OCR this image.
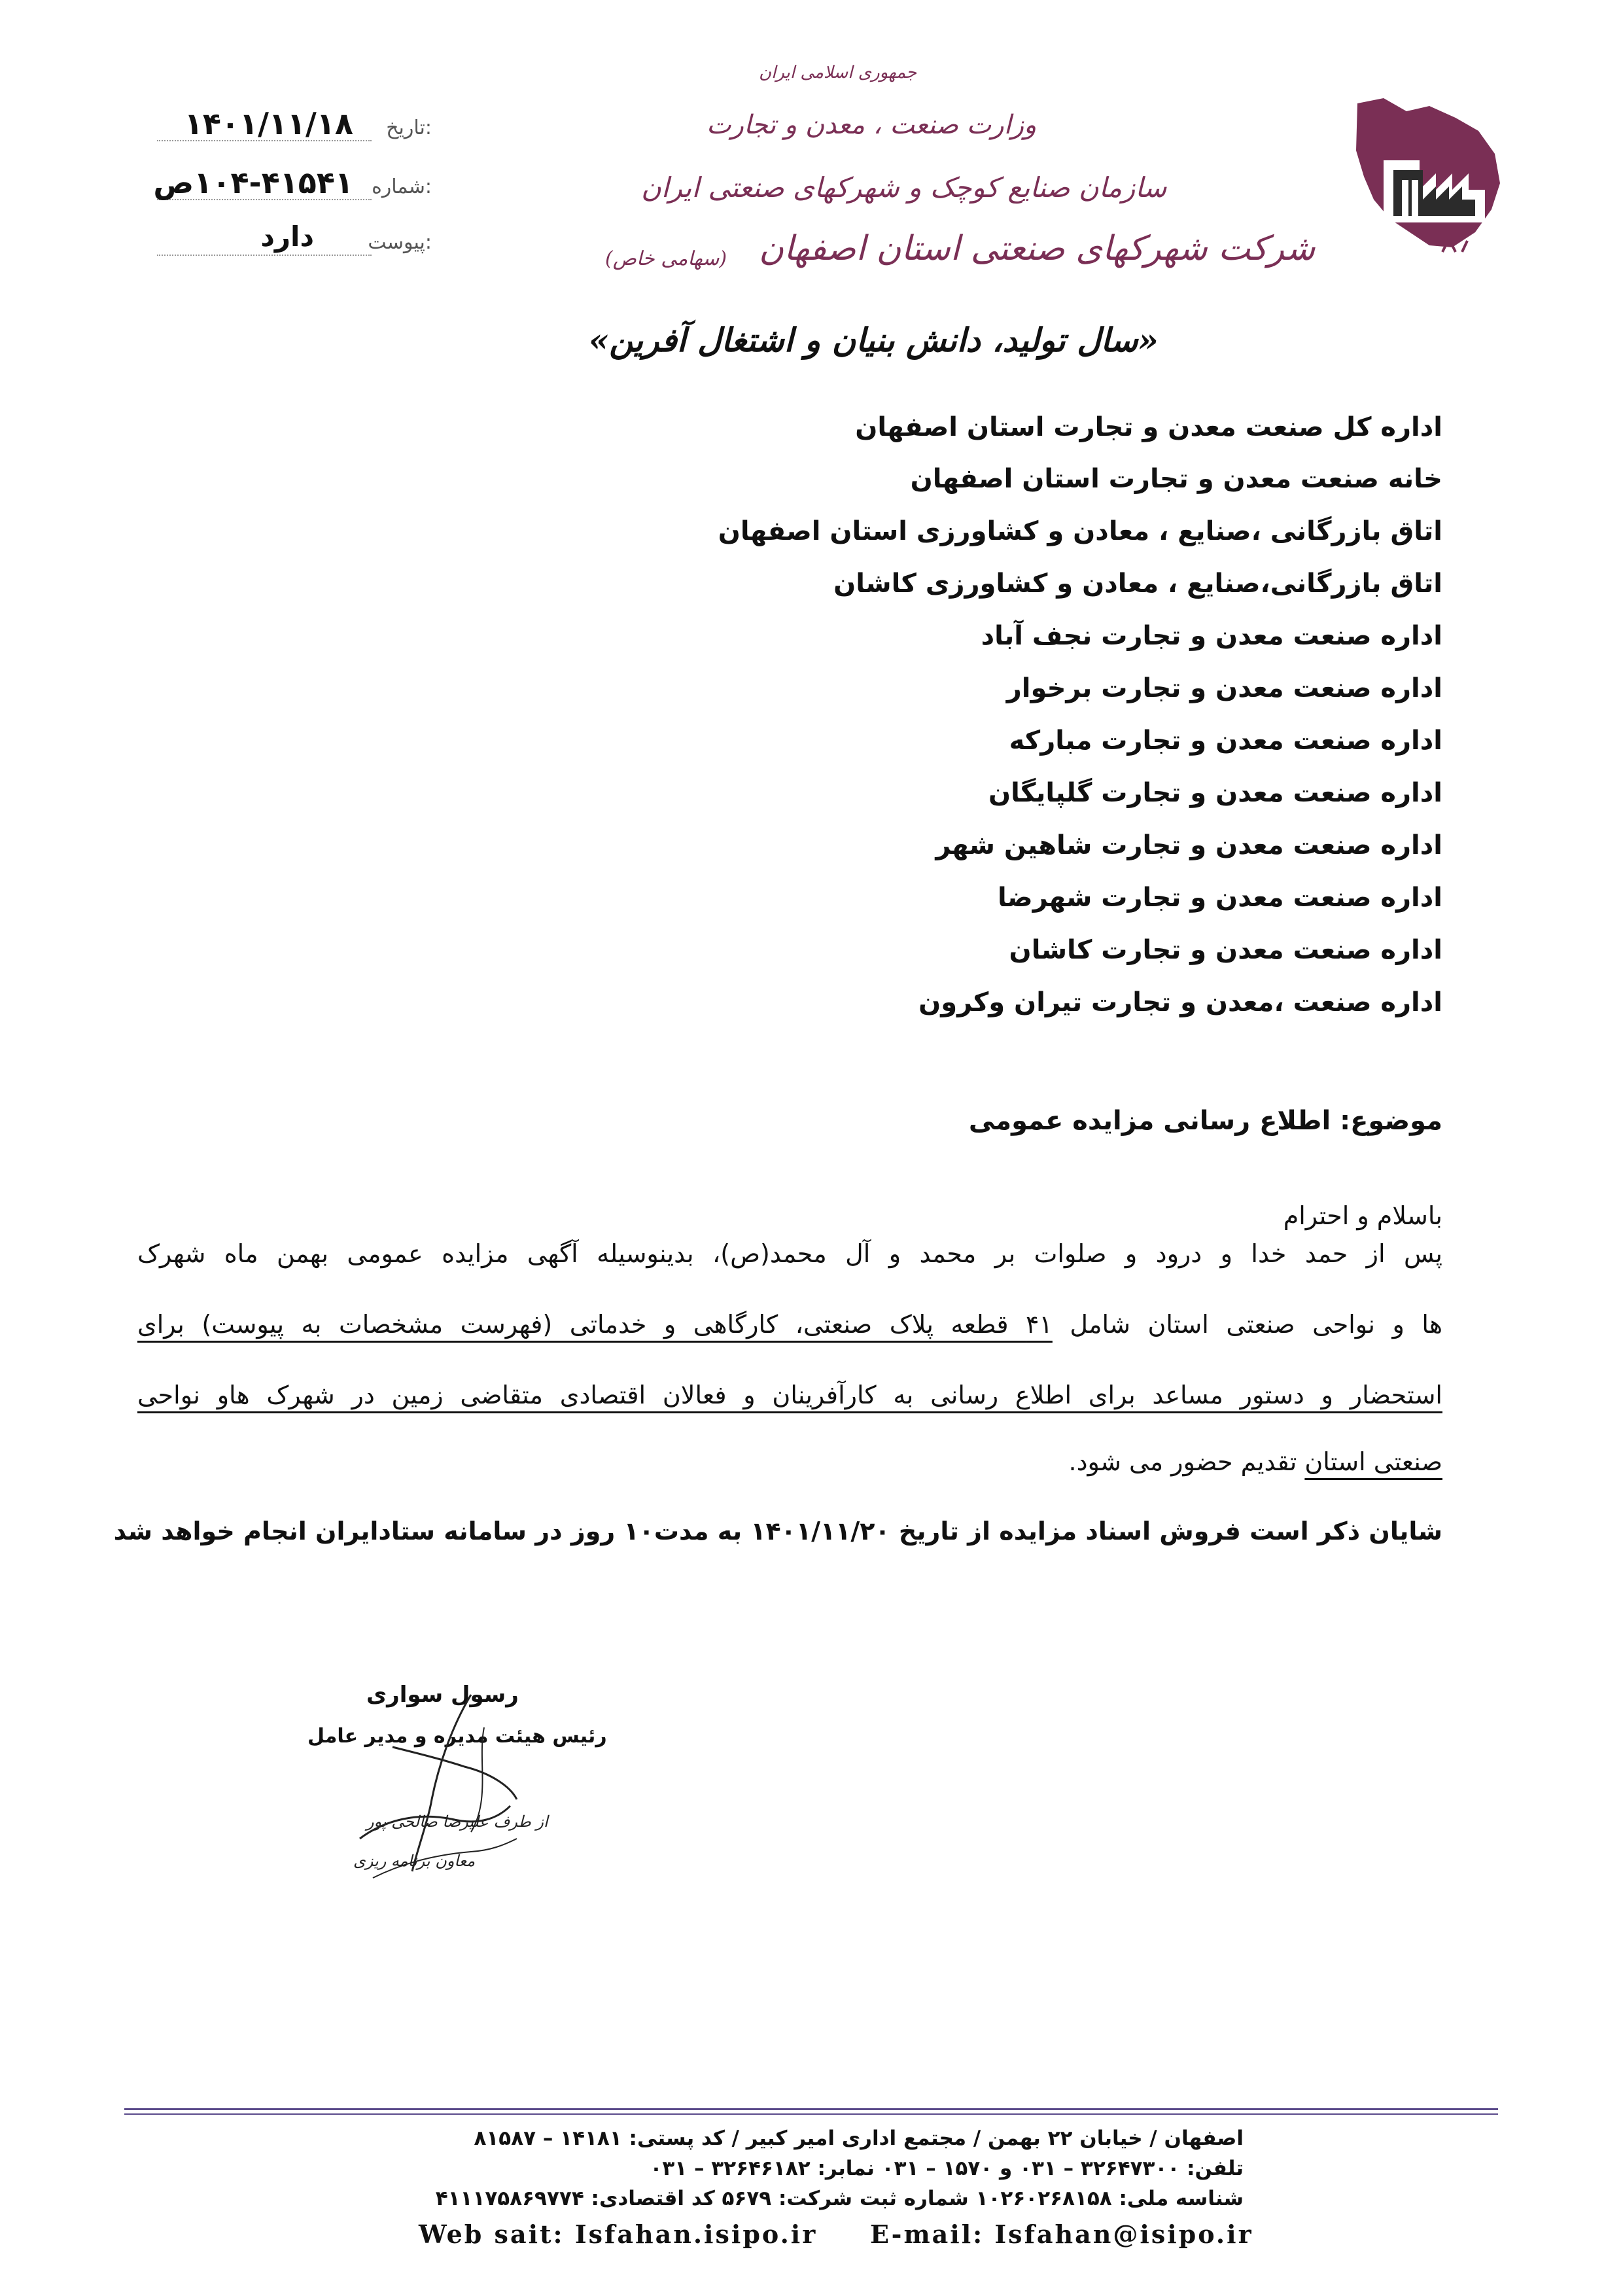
تاریخ:
۱۴۰۱/۱۱/۱۸
شماره:
۱۰۴-۴۱۵۴۱ص
پیوست:
دارد
جمهوری اسلامی ایران
وزارت صنعت ، معدن و تجارت
سازمان صنایع کوچک و شهرکهای صنعتی ایران
شرکت شهرکهای صنعتی استان اصفهان
(سهامی خاص)
«سال تولید، دانش بنیان و اشتغال آفرین»
اداره کل صنعت معدن و تجارت استان اصفهان
خانه صنعت معدن و تجارت استان اصفهان
اتاق بازرگانی ،صنایع ، معادن و کشاورزی استان اصفهان
اتاق بازرگانی،صنایع ، معادن و کشاورزی کاشان
اداره صنعت معدن و تجارت نجف آباد
اداره صنعت معدن و تجارت برخوار
اداره صنعت معدن و تجارت مبارکه
اداره صنعت معدن و تجارت گلپایگان
اداره صنعت معدن و تجارت شاهین شهر
اداره صنعت معدن و تجارت شهرضا
اداره صنعت معدن و تجارت کاشان
اداره صنعت ،معدن و تجارت تیران وکرون
موضوع: اطلاع رسانی مزایده عمومی
باسلام و احترام
پس از حمد خدا و درود و صلوات بر محمد و آل محمد(ص)، بدینوسیله آگهی مزایده عمومی بهمن ماه شهرک
ها و نواحی صنعتی استان شامل ۴۱ قطعه پلاک صنعتی، کارگاهی و خدماتی (فهرست مشخصات به پیوست) برای
استحضار و دستور مساعد برای اطلاع رسانی به کارآفرینان و فعالان اقتصادی متقاضی زمین در شهرک هاو نواحی
صنعتی استان تقدیم حضور می شود.
شایان ذکر است فروش اسناد مزایده از تاریخ ۱۴۰۱/۱۱/۲۰ به مدت۱۰ روز در سامانه ستادایران انجام خواهد شد
رسول سواری
رئیس هیئت مدیره و مدیر عامل
از طرف علیرضا صالحی پور
معاون برنامه ریزی
اصفهان / خیابان ۲۲ بهمن / مجتمع اداری امیر کبیر / کد پستی: ۱۴۱۸۱ – ۸۱۵۸۷
تلفن: ۳۲۶۴۷۳۰۰ – ۰۳۱ و ۱۵۷۰ – ۰۳۱ نمابر: ۳۲۶۴۶۱۸۲ – ۰۳۱
شناسه ملی: ۱۰۲۶۰۲۶۸۱۵۸ شماره ثبت شرکت: ۵۶۷۹ کد اقتصادی: ۴۱۱۱۷۵۸۶۹۷۷۴
Web sait: Isfahan.isipo.ir E-mail: Isfahan@isipo.ir
